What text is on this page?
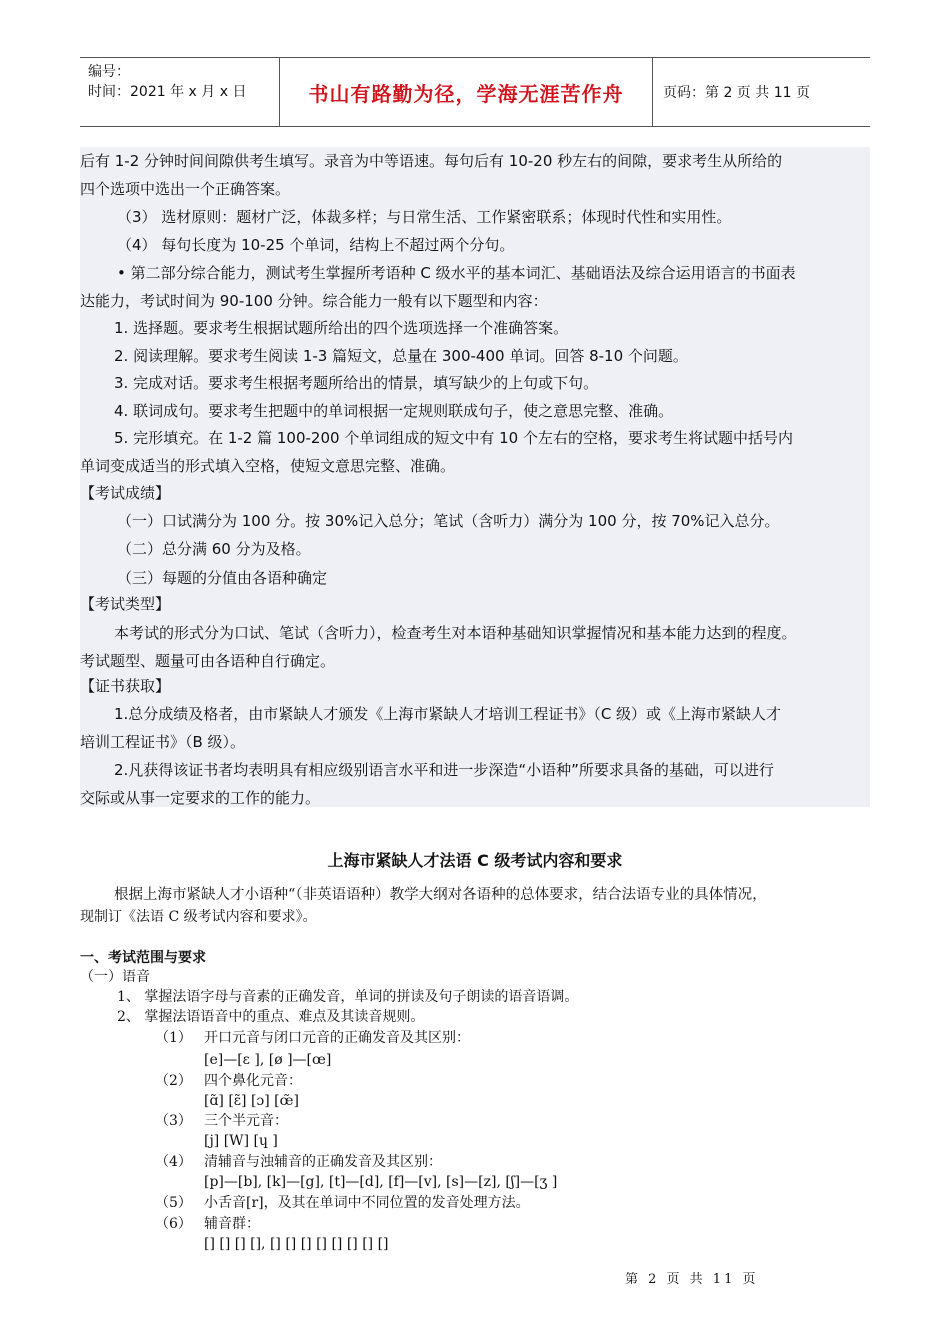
编号：
时间：2021 年 x 月 x 日	书山有路勤为径，学海无涯苦作舟	页码：第 2 页 共 11 页
后有 1-2 分钟时间间隙供考生填写。录音为中等语速。每句后有 10-20 秒左右的间隙，要求考生从所给的
四个选项中选出一个正确答案。
（3） 选材原则：题材广泛，体裁多样；与日常生活、工作紧密联系；体现时代性和实用性。
（4） 每句长度为 10-25 个单词，结构上不超过两个分句。
• 第二部分综合能力，测试考生掌握所考语种 C 级水平的基本词汇、基础语法及综合运用语言的书面表
达能力，考试时间为 90-100 分钟。综合能力一般有以下题型和内容：
1. 选择题。要求考生根据试题所给出的四个选项选择一个准确答案。
2. 阅读理解。要求考生阅读 1-3 篇短文，总量在 300-400 单词。回答 8-10 个问题。
3. 完成对话。要求考生根据考题所给出的情景，填写缺少的上句或下句。
4. 联词成句。要求考生把题中的单词根据一定规则联成句子，使之意思完整、准确。
5. 完形填充。在 1-2 篇 100-200 个单词组成的短文中有 10 个左右的空格，要求考生将试题中括号内
单词变成适当的形式填入空格，使短文意思完整、准确。
【考试成绩】
（一）口试满分为 100 分。按 30%记入总分；笔试（含听力）满分为 100 分，按 70%记入总分。
（二）总分满 60 分为及格。
（三）每题的分值由各语种确定
【考试类型】
本考试的形式分为口试、笔试（含听力），检查考生对本语种基础知识掌握情况和基本能力达到的程度。
考试题型、题量可由各语种自行确定。
【证书获取】
1.总分成绩及格者，由市紧缺人才颁发《上海市紧缺人才培训工程证书》（C 级）或《上海市紧缺人才
培训工程证书》（B 级）。
2.凡获得该证书者均表明具有相应级别语言水平和进一步深造“小语种”所要求具备的基础，可以进行
交际或从事一定要求的工作的能力。
上海市紧缺人才法语 C 级考试内容和要求
根据上海市紧缺人才小语种“（非英语语种）教学大纲对各语种的总体要求，结合法语专业的具体情况，
现制订《法语 C 级考试内容和要求》。
一、考试范围与要求
（一）语音
1、 掌握法语字母与音素的正确发音，单词的拼读及句子朗读的语音语调。
2、 掌握法语语音中的重点、难点及其读音规则。
（1） 开口元音与闭口元音的正确发音及其区别：
[e]—[ɛ ], [ø ]—[œ]
（2） 四个鼻化元音：
[ɑ̃] [ɛ̃] [ɔ] [œ̃]
（3） 三个半元音：
[j] [W] [ɥ ]
（4） 清辅音与浊辅音的正确发音及其区别：
[p]—[b], [k]—[g], [t]—[d], [f]—[v], [s]—[z], [ʃ]—[ʒ ]
（5） 小舌音[r]，及其在单词中不同位置的发音处理方法。
（6） 辅音群：
[] [] [] [], [] [] [] [] [] [] [] []
第 2 页 共 11 页
